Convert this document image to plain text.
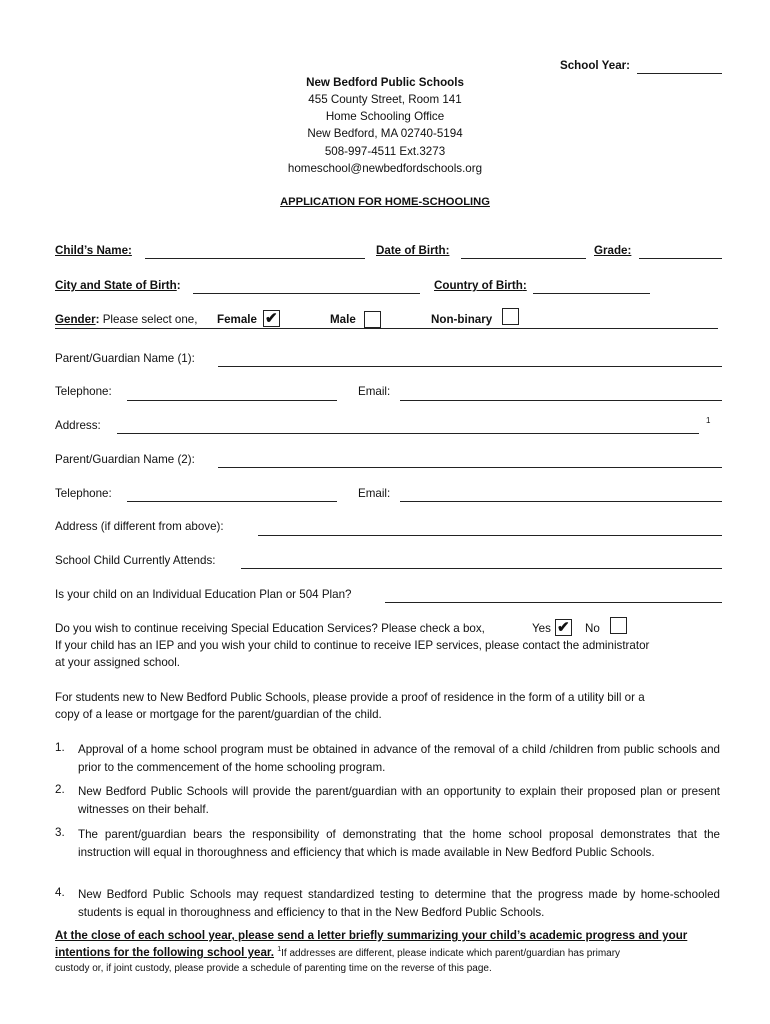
School Year:
New Bedford Public Schools
455 County Street, Room 141
Home Schooling Office
New Bedford, MA 02740-5194
508-997-4511 Ext.3273
homeschool@newbedfordschools.org
APPLICATION FOR HOME-SCHOOLING
Child’s Name:	Date of Birth:	Grade:
City and State of Birth:	Country of Birth:
Gender: Please select one, Female ✔	Male	Non-binary
Parent/Guardian Name (1):
Telephone:	Email:
Address:	1
Parent/Guardian Name (2):
Telephone:	Email:
Address (if different from above):
School Child Currently Attends:
Is your child on an Individual Education Plan or 504 Plan?
Do you wish to continue receiving Special Education Services? Please check a box,	Yes ✔ No
If your child has an IEP and you wish your child to continue to receive IEP services, please contact the administrator
at your assigned school.
For students new to New Bedford Public Schools, please provide a proof of residence in the form of a utility bill or a
copy of a lease or mortgage for the parent/guardian of the child.
1. Approval of a home school program must be obtained in advance of the removal of a child /children from public schools and prior to the commencement of the home schooling program.
2. New Bedford Public Schools will provide the parent/guardian with an opportunity to explain their proposed plan or present witnesses on their behalf.
3. The parent/guardian bears the responsibility of demonstrating that the home school proposal demonstrates that the instruction will equal in thoroughness and efficiency that which is made available in New Bedford Public Schools.
4. New Bedford Public Schools may request standardized testing to determine that the progress made by home-schooled students is equal in thoroughness and efficiency to that in the New Bedford Public Schools.
At the close of each school year, please send a letter briefly summarizing your child’s academic progress and your
intentions for the following school year. $^1$If addresses are different, please indicate which parent/guardian has primary
custody or, if joint custody, please provide a schedule of parenting time on the reverse of this page.
